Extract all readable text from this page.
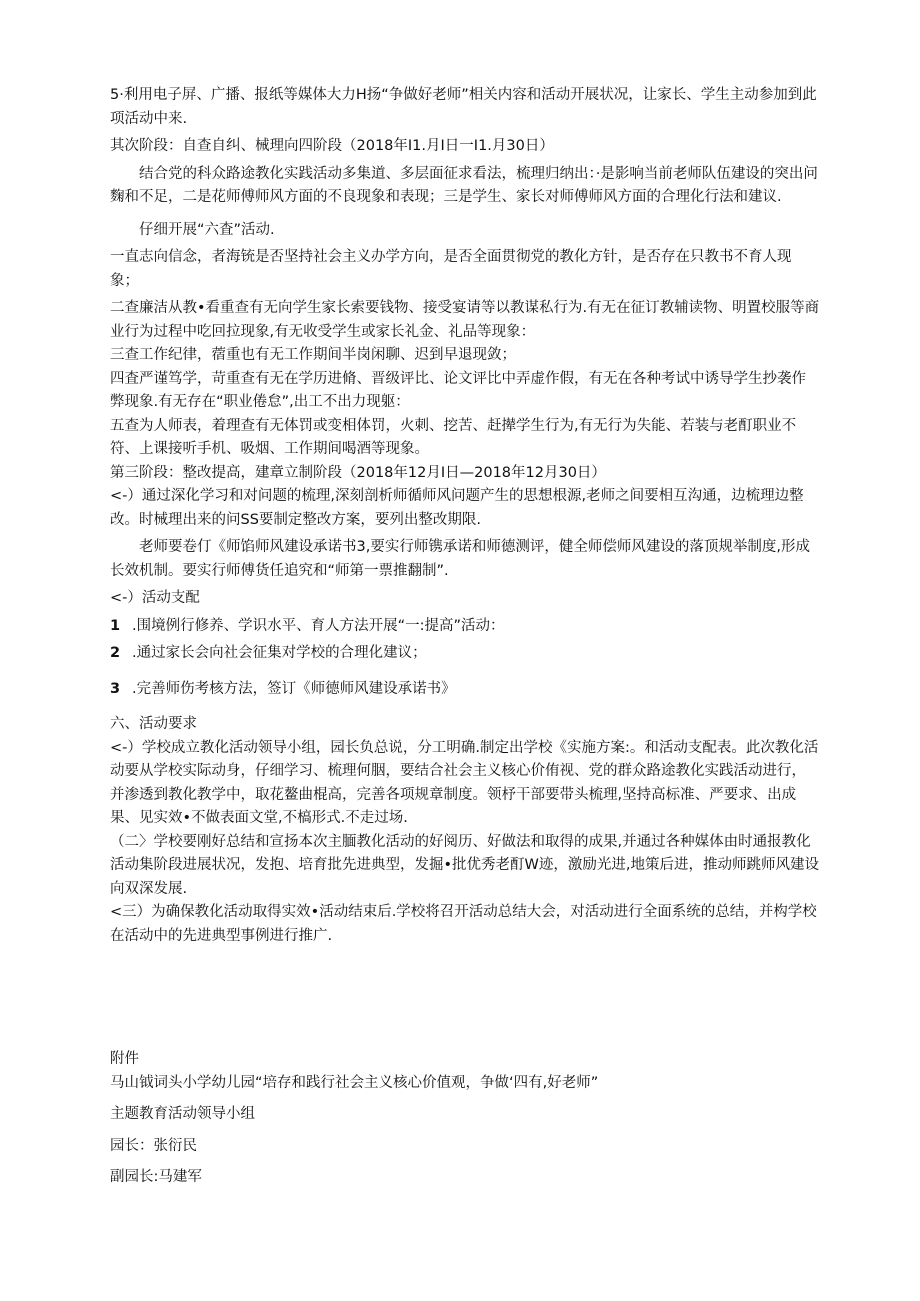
5·利用电子屏、广播、报纸等媒体大力H扬“争做好老师”相关内容和活动开展状况，让家长、学生主动参加到此项活动中来.

其次阶段：自查自纠、械理向四阶段（2018年I1.月I日一I1.月30日）

结合党的科众路途教化实践活动多集道、多层面征求看法，梳理归纳出：·是影响当前老师队伍建设的突出问麴和不足，二是花师傅师风方面的不良现象和表现；三是学生、家长对师傅师风方面的合理化行法和建议.

仔细开展“六査”活动.

一直志向信念，者海铳是否坚持社会主义办学方向，是否全面贯彻党的教化方针，是否存在只教书不育人现象；

二查廉洁从教•看重查有无向学生家长索要钱物、接受宴请等以教谋私行为.有无在征订教辅读物、明置校服等商业行为过程中吃回拉现象,有无收受学生或家长礼金、礼品等现象：

三查工作纪律，蓿重也有无工作期间半岗闲聊、迟到早退现敛；

四査严谨笃学，苛重查有无在学历进脩、晋级评比、论文评比中弄虚作假，有无在各种考试中诱导学生抄袭作弊现象.有无存在“职业倦怠”,出工不出力现躯：

五查为人师表，着理查有无体罚或变相体罚，火刺、挖苦、赶撵学生行为,有无行为失能、若装与老酊职业不符、上课接听手机、吸烟、工作期间喝酒等现象。

第三阶段：整改提高，建章立制阶段（2018年12月I日—2018年12月30日）

<-）通过深化学习和对问题的梳理,深刻剖析师循师风问题产生的思想根源,老师之间要相互沟通，边梳理边整改。时械理出来的问SS要制定整改方案，要列出整改期限.

老师要卷仃《师馅师风建设承诺书3,要实行师镌承诺和师德测评，健全师偿师风建设的落顶规举制度,形成长效机制。要实行师傅货任追究和“师第一票推翻制”.

<-）活动支配

1 .围境例行修养、学识水平、育人方法开展“一:提高”活动：
2 .通过家长会向社会征集对学校的合理化建议；
3 .完善师伤考核方法，签订《师德师风建设承诺书》

六、活动要求

<-）学校成立教化活动领导小组，园长负总说，分工明确.制定出学校《实施方案:。和活动支配表。此次教化活动要从学校实际动身，仔细学习、梳理何胭，要结合社会主义核心价侑视、党的群众路途教化实践活动进行，并渗透到教化教学中，取花鳌曲棍高，完善各项规章制度。领杼干部要带头梳理,坚持高标准、严要求、出成果、见实效•不做表面文堂,不槁形式.不走过场.

（二〉学校要刚好总结和宣扬本次主腼教化活动的好阅历、好做法和取得的成果,并通过各种媒体由时通报教化活动集阶段进展状况，发抱、培育批先进典型，发掘•批优秀老酊W迹，激励光进,地策后进，推动师跳师风建设向双深发展.

<三）为确保教化活动取得实效•活动结束后.学校将召开活动总结大会，对活动进行全面系统的总结，并构学校在活动中的先进典型事例进行推广.

附件

马山钺词头小学幼儿园“培存和践行社会主义核心价值观，争做‘四有,好老师”

主题教育活动领导小组

园长：张衍民

副园长:马建军
